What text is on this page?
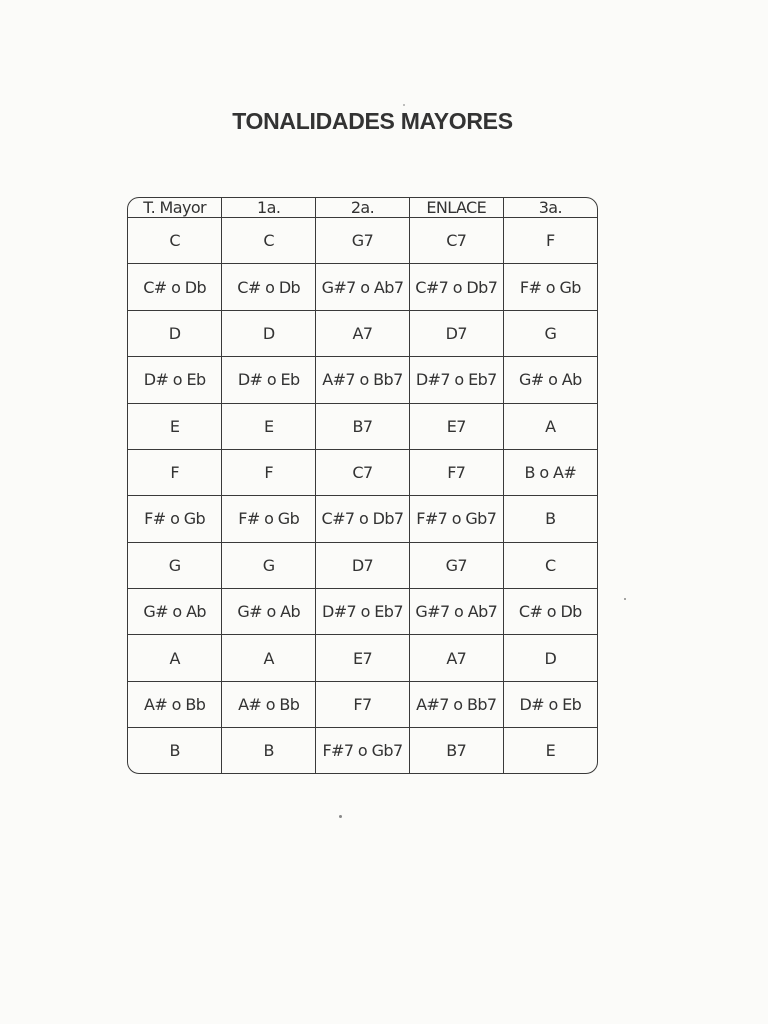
TONALIDADES MAYORES
T. Mayor	1a.	2a.	ENLACE	3a.
C	C	G7	C7	F
C# o Db	C# o Db	G#7 o Ab7	C#7 o Db7	F# o Gb
D	D	A7	D7	G
D# o Eb	D# o Eb	A#7 o Bb7	D#7 o Eb7	G# o Ab
E	E	B7	E7	A
F	F	C7	F7	B o A#
F# o Gb	F# o Gb	C#7 o Db7	F#7 o Gb7	B
G	G	D7	G7	C
G# o Ab	G# o Ab	D#7 o Eb7	G#7 o Ab7	C# o Db
A	A	E7	A7	D
A# o Bb	A# o Bb	F7	A#7 o Bb7	D# o Eb
B	B	F#7 o Gb7	B7	E
